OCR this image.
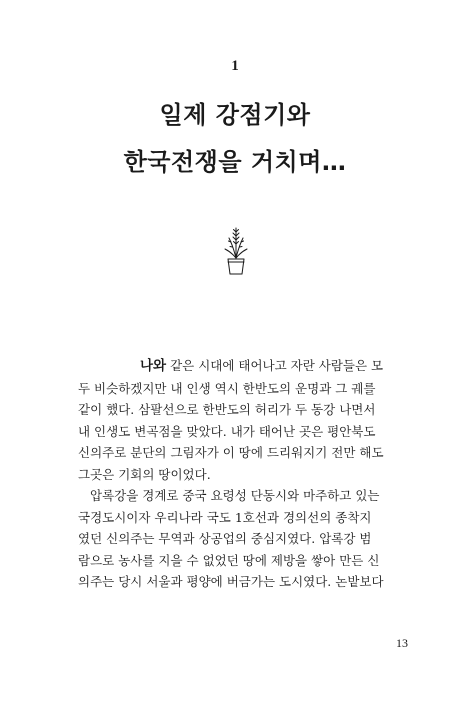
1
일제 강점기와
한국전쟁을 거치며…

나와 같은 시대에 태어나고 자란 사람들은 모
두 비슷하겠지만 내 인생 역시 한반도의 운명과 그 궤를
같이 했다. 삼팔선으로 한반도의 허리가 두 동강 나면서
내 인생도 변곡점을 맞았다. 내가 태어난 곳은 평안북도
신의주로 분단의 그림자가 이 땅에 드리워지기 전만 해도
그곳은 기회의 땅이었다.

압록강을 경계로 중국 요령성 단동시와 마주하고 있는
국경도시이자 우리나라 국도 1호선과 경의선의 종착지
였던 신의주는 무역과 상공업의 중심지였다. 압록강 범
람으로 농사를 지을 수 없었던 땅에 제방을 쌓아 만든 신
의주는 당시 서울과 평양에 버금가는 도시였다. 논밭보다

13
